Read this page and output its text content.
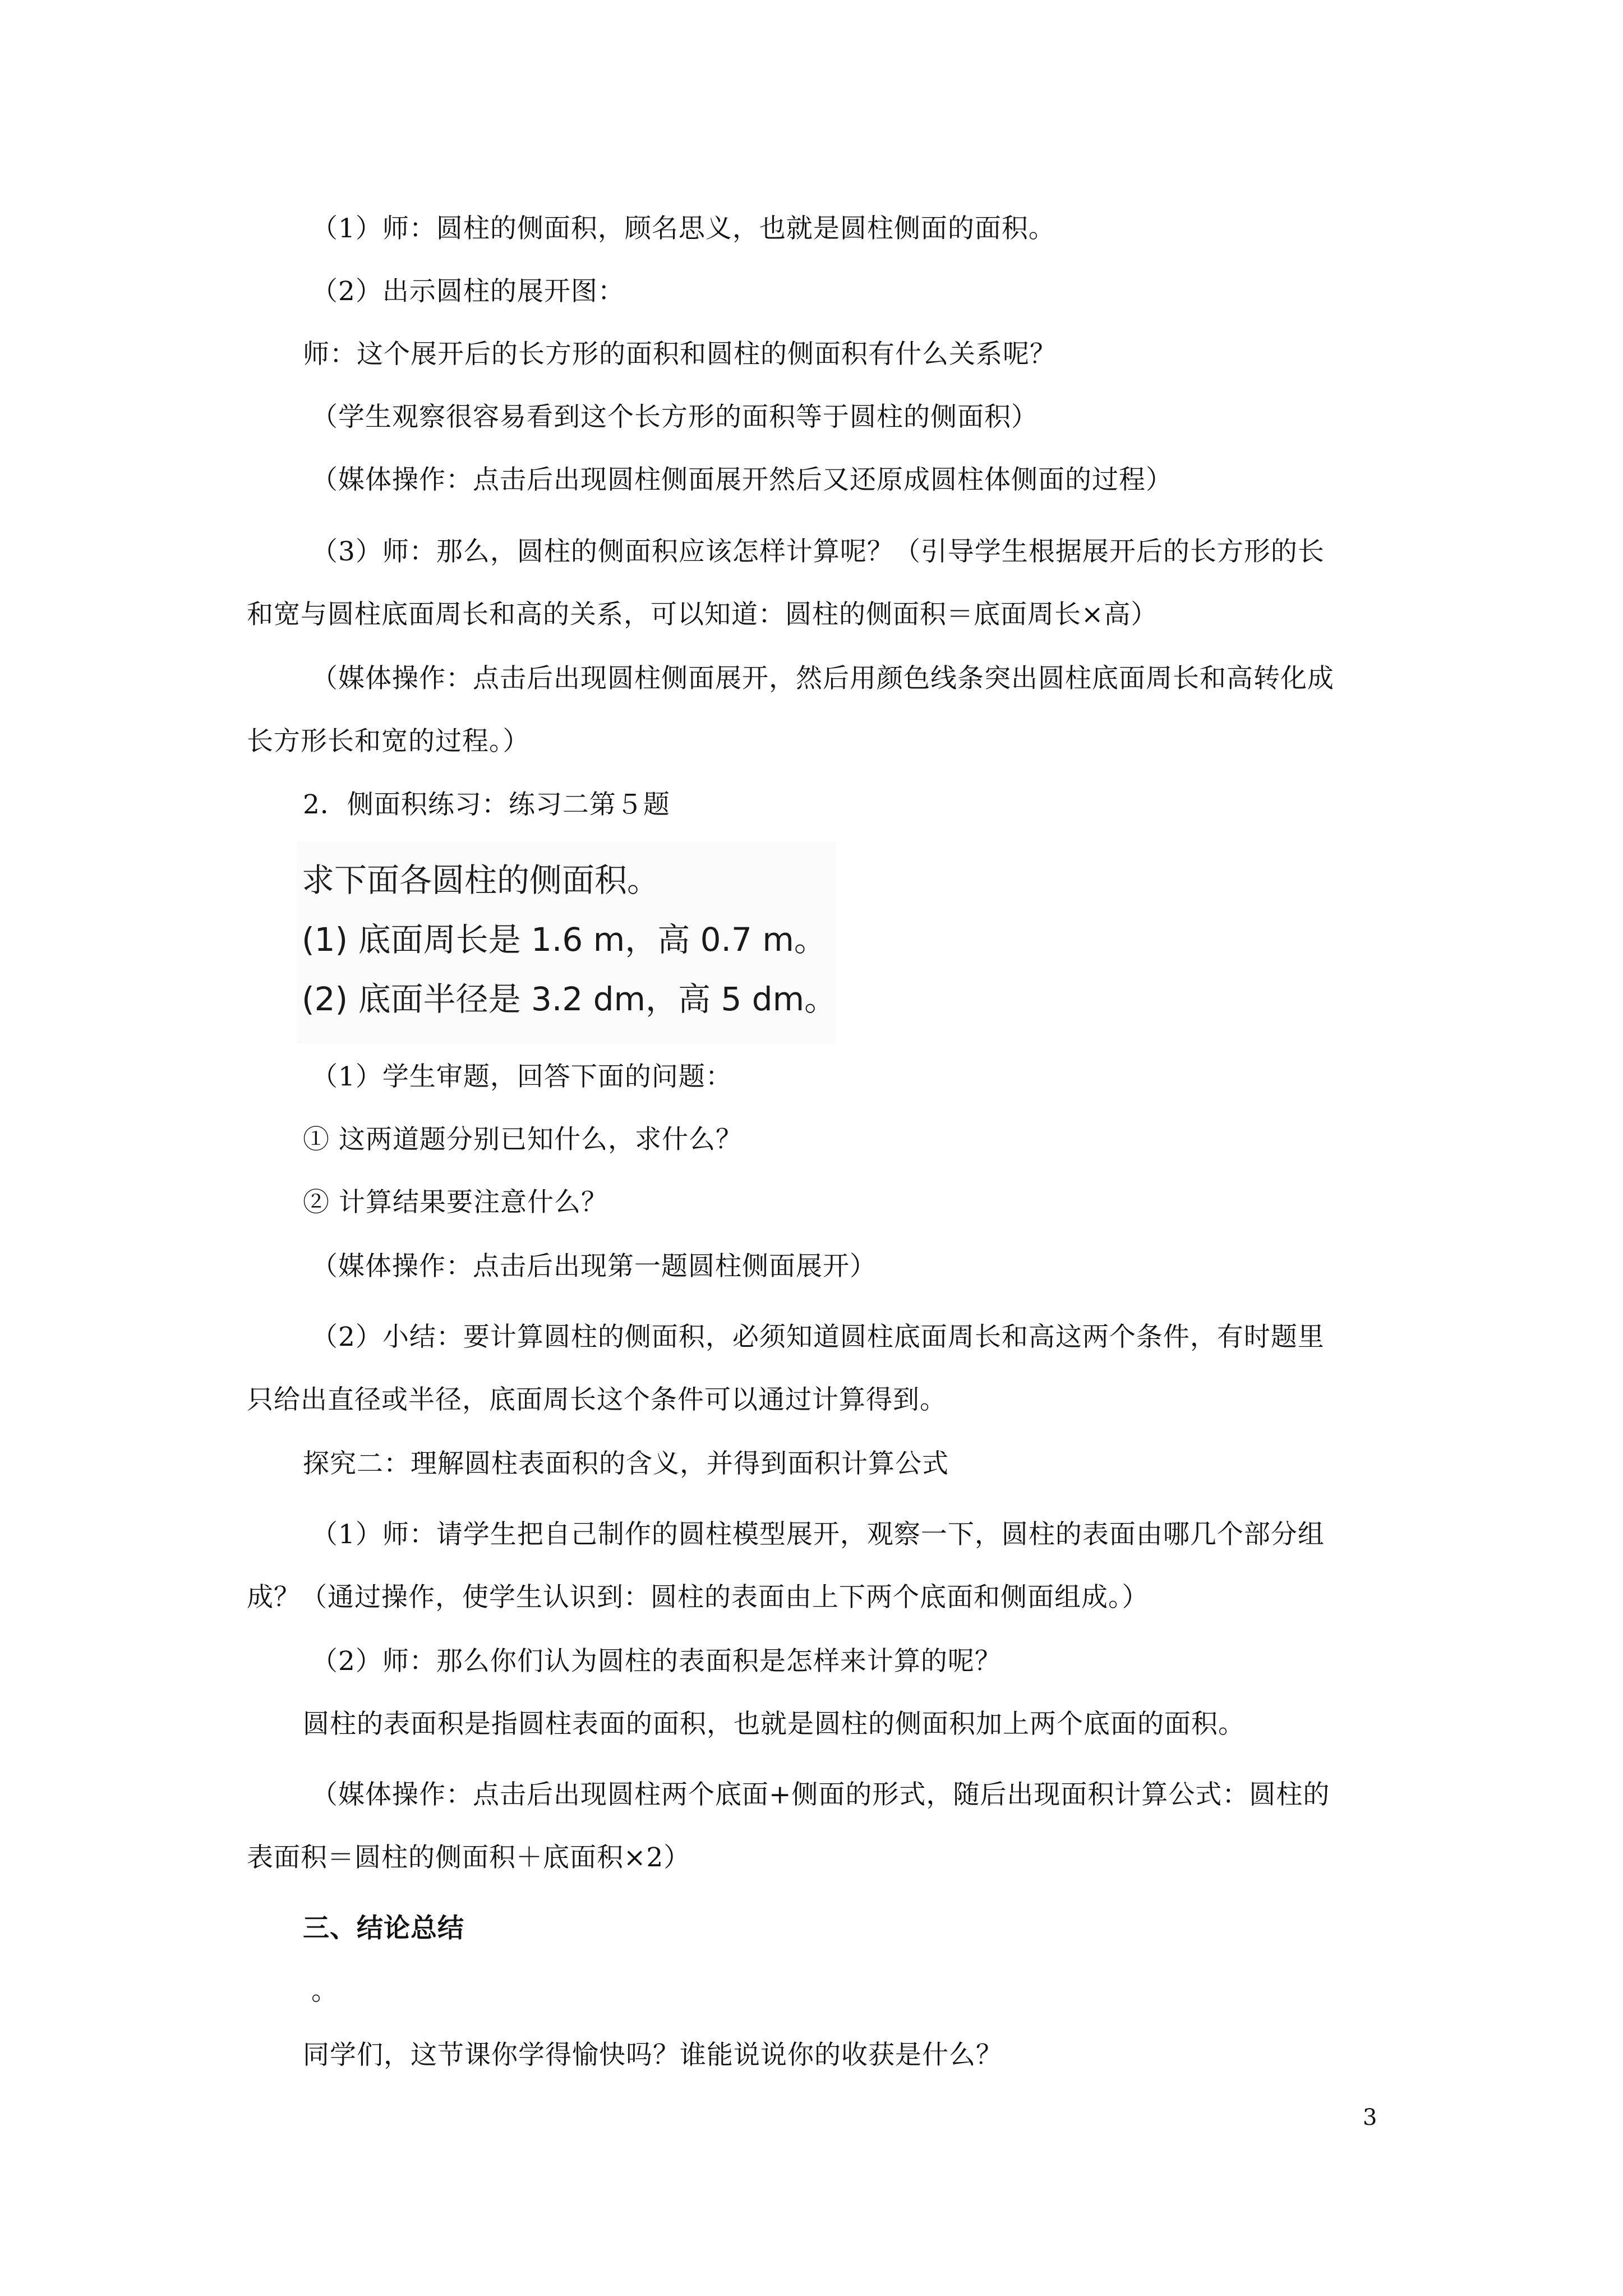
（1）师：圆柱的侧面积，顾名思义，也就是圆柱侧面的面积。
（2）出示圆柱的展开图：
师：这个展开后的长方形的面积和圆柱的侧面积有什么关系呢？
（学生观察很容易看到这个长方形的面积等于圆柱的侧面积）
（媒体操作：点击后出现圆柱侧面展开然后又还原成圆柱体侧面的过程）
（3）师：那么，圆柱的侧面积应该怎样计算呢？（引导学生根据展开后的长方形的长
和宽与圆柱底面周长和高的关系，可以知道：圆柱的侧面积＝底面周长×高）
（媒体操作：点击后出现圆柱侧面展开，然后用颜色线条突出圆柱底面周长和高转化成
长方形长和宽的过程。）
2．侧面积练习：练习二第５题
求下面各圆柱的侧面积。
(1) 底面周长是 1.6 m，高 0.7 m。
(2) 底面半径是 3.2 dm，高 5 dm。
（1）学生审题，回答下面的问题：
① 这两道题分别已知什么，求什么？
② 计算结果要注意什么？
（媒体操作：点击后出现第一题圆柱侧面展开）
（2）小结：要计算圆柱的侧面积，必须知道圆柱底面周长和高这两个条件，有时题里
只给出直径或半径，底面周长这个条件可以通过计算得到。
探究二：理解圆柱表面积的含义，并得到面积计算公式
（1）师：请学生把自己制作的圆柱模型展开，观察一下，圆柱的表面由哪几个部分组
成？（通过操作，使学生认识到：圆柱的表面由上下两个底面和侧面组成。）
（2）师：那么你们认为圆柱的表面积是怎样来计算的呢？
圆柱的表面积是指圆柱表面的面积，也就是圆柱的侧面积加上两个底面的面积。
（媒体操作：点击后出现圆柱两个底面+侧面的形式，随后出现面积计算公式：圆柱的
表面积＝圆柱的侧面积＋底面积×2）
三、结论总结
。
同学们，这节课你学得愉快吗？谁能说说你的收获是什么？
3
